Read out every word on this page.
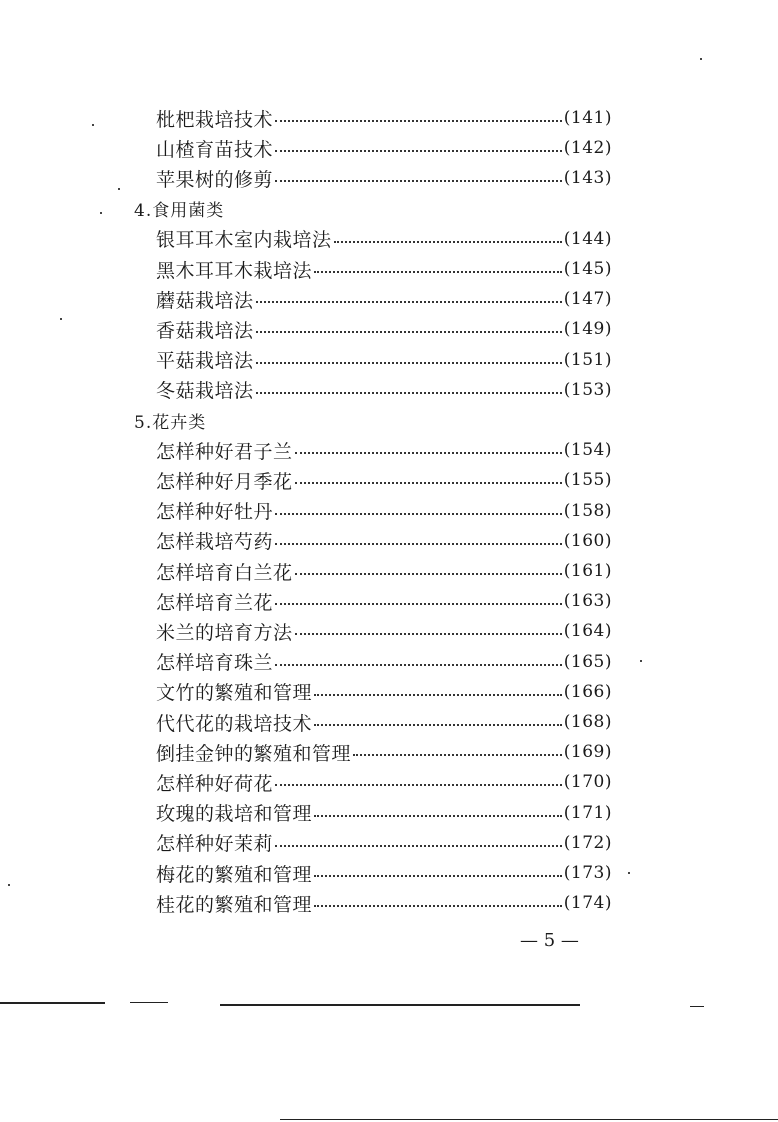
枇杷栽培技术	(141)
山楂育苗技术	(142)
苹果树的修剪	(143)
4.食用菌类
银耳耳木室内栽培法	(144)
黑木耳耳木栽培法	(145)
蘑菇栽培法	(147)
香菇栽培法	(149)
平菇栽培法	(151)
冬菇栽培法	(153)
5.花卉类
怎样种好君子兰	(154)
怎样种好月季花	(155)
怎样种好牡丹	(158)
怎样栽培芍药	(160)
怎样培育白兰花	(161)
怎样培育兰花	(163)
米兰的培育方法	(164)
怎样培育珠兰	(165)
文竹的繁殖和管理	(166)
代代花的栽培技术	(168)
倒挂金钟的繁殖和管理	(169)
怎样种好荷花	(170)
玫瑰的栽培和管理	(171)
怎样种好茉莉	(172)
梅花的繁殖和管理	(173)
桂花的繁殖和管理	(174)
— 5 —
